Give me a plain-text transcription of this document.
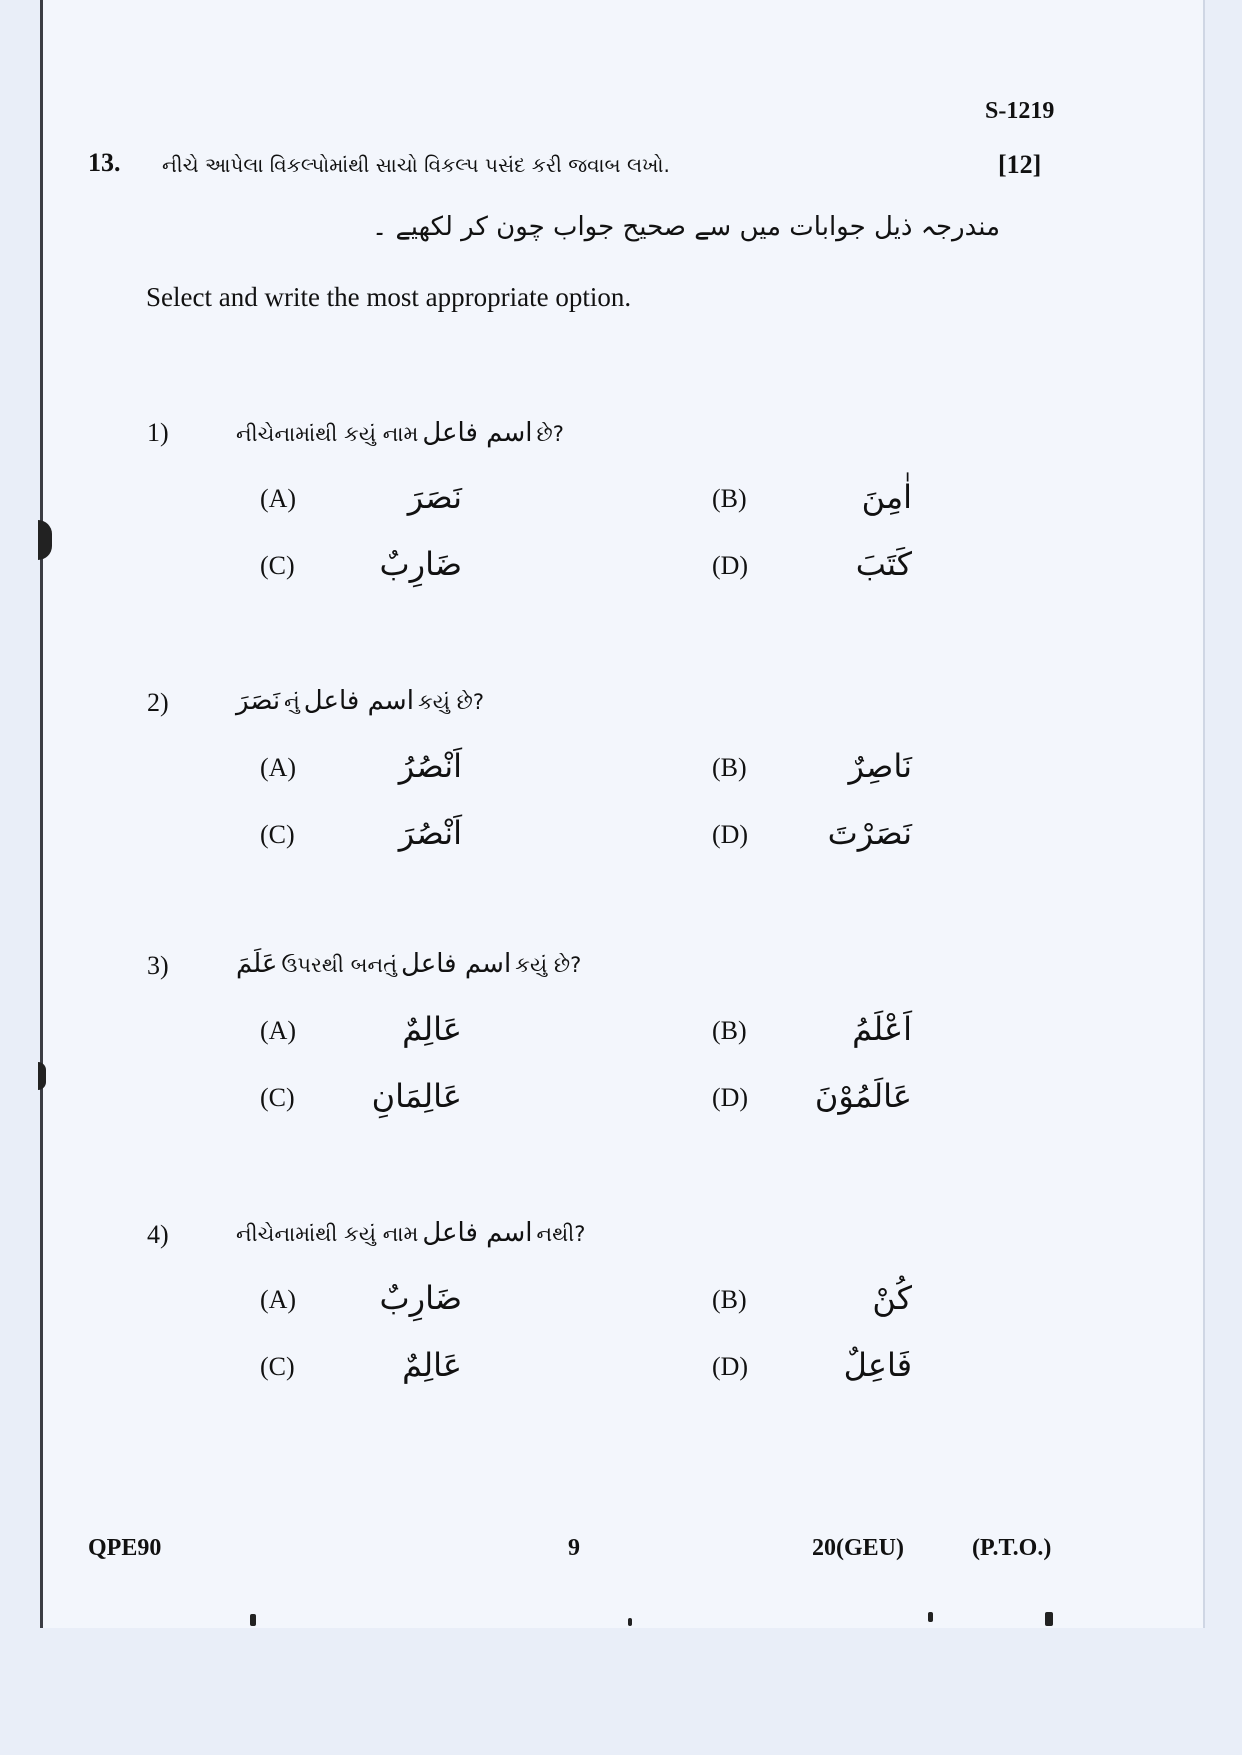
S-1219
13. નીચે આપેલા વિકલ્પોમાંથી સાચો વિકલ્પ પસંદ કરી જવાબ લખો.	[12]
مندرجہ ذیل جوابات میں سے صحیح جواب چون کر لکھیے ۔
Select and write the most appropriate option.
1)	નીચેનામાંથી કયું નામ اسم فاعل છે?
(A)	نَصَرَ	(B)	اٰمِنَ
(C)	ضَارِبٌ	(D)	كَتَبَ
2)	نَصَرَ નું اسم فاعل કયું છે?
(A)	اَنْصُرُ	(B)	نَاصِرٌ
(C)	اَنْصُرَ	(D) نَصَرْتَ
3)	عَلَمَ ઉપરથી બનતું اسم فاعل કયું છે?
(A)	عَالِمٌ	(B)	اَعْلَمُ
(C) عَالِمَانِ	(D) عَالَمُوْنَ
4)	નીચેનામાંથી કયું નામ اسم فاعل નથી?
(A)	ضَارِبٌ	(B)	كُنْ
(C)	عَالِمٌ	(D)	فَاعِلٌ
QPE90	9	20(GEU)	(P.T.O.)
